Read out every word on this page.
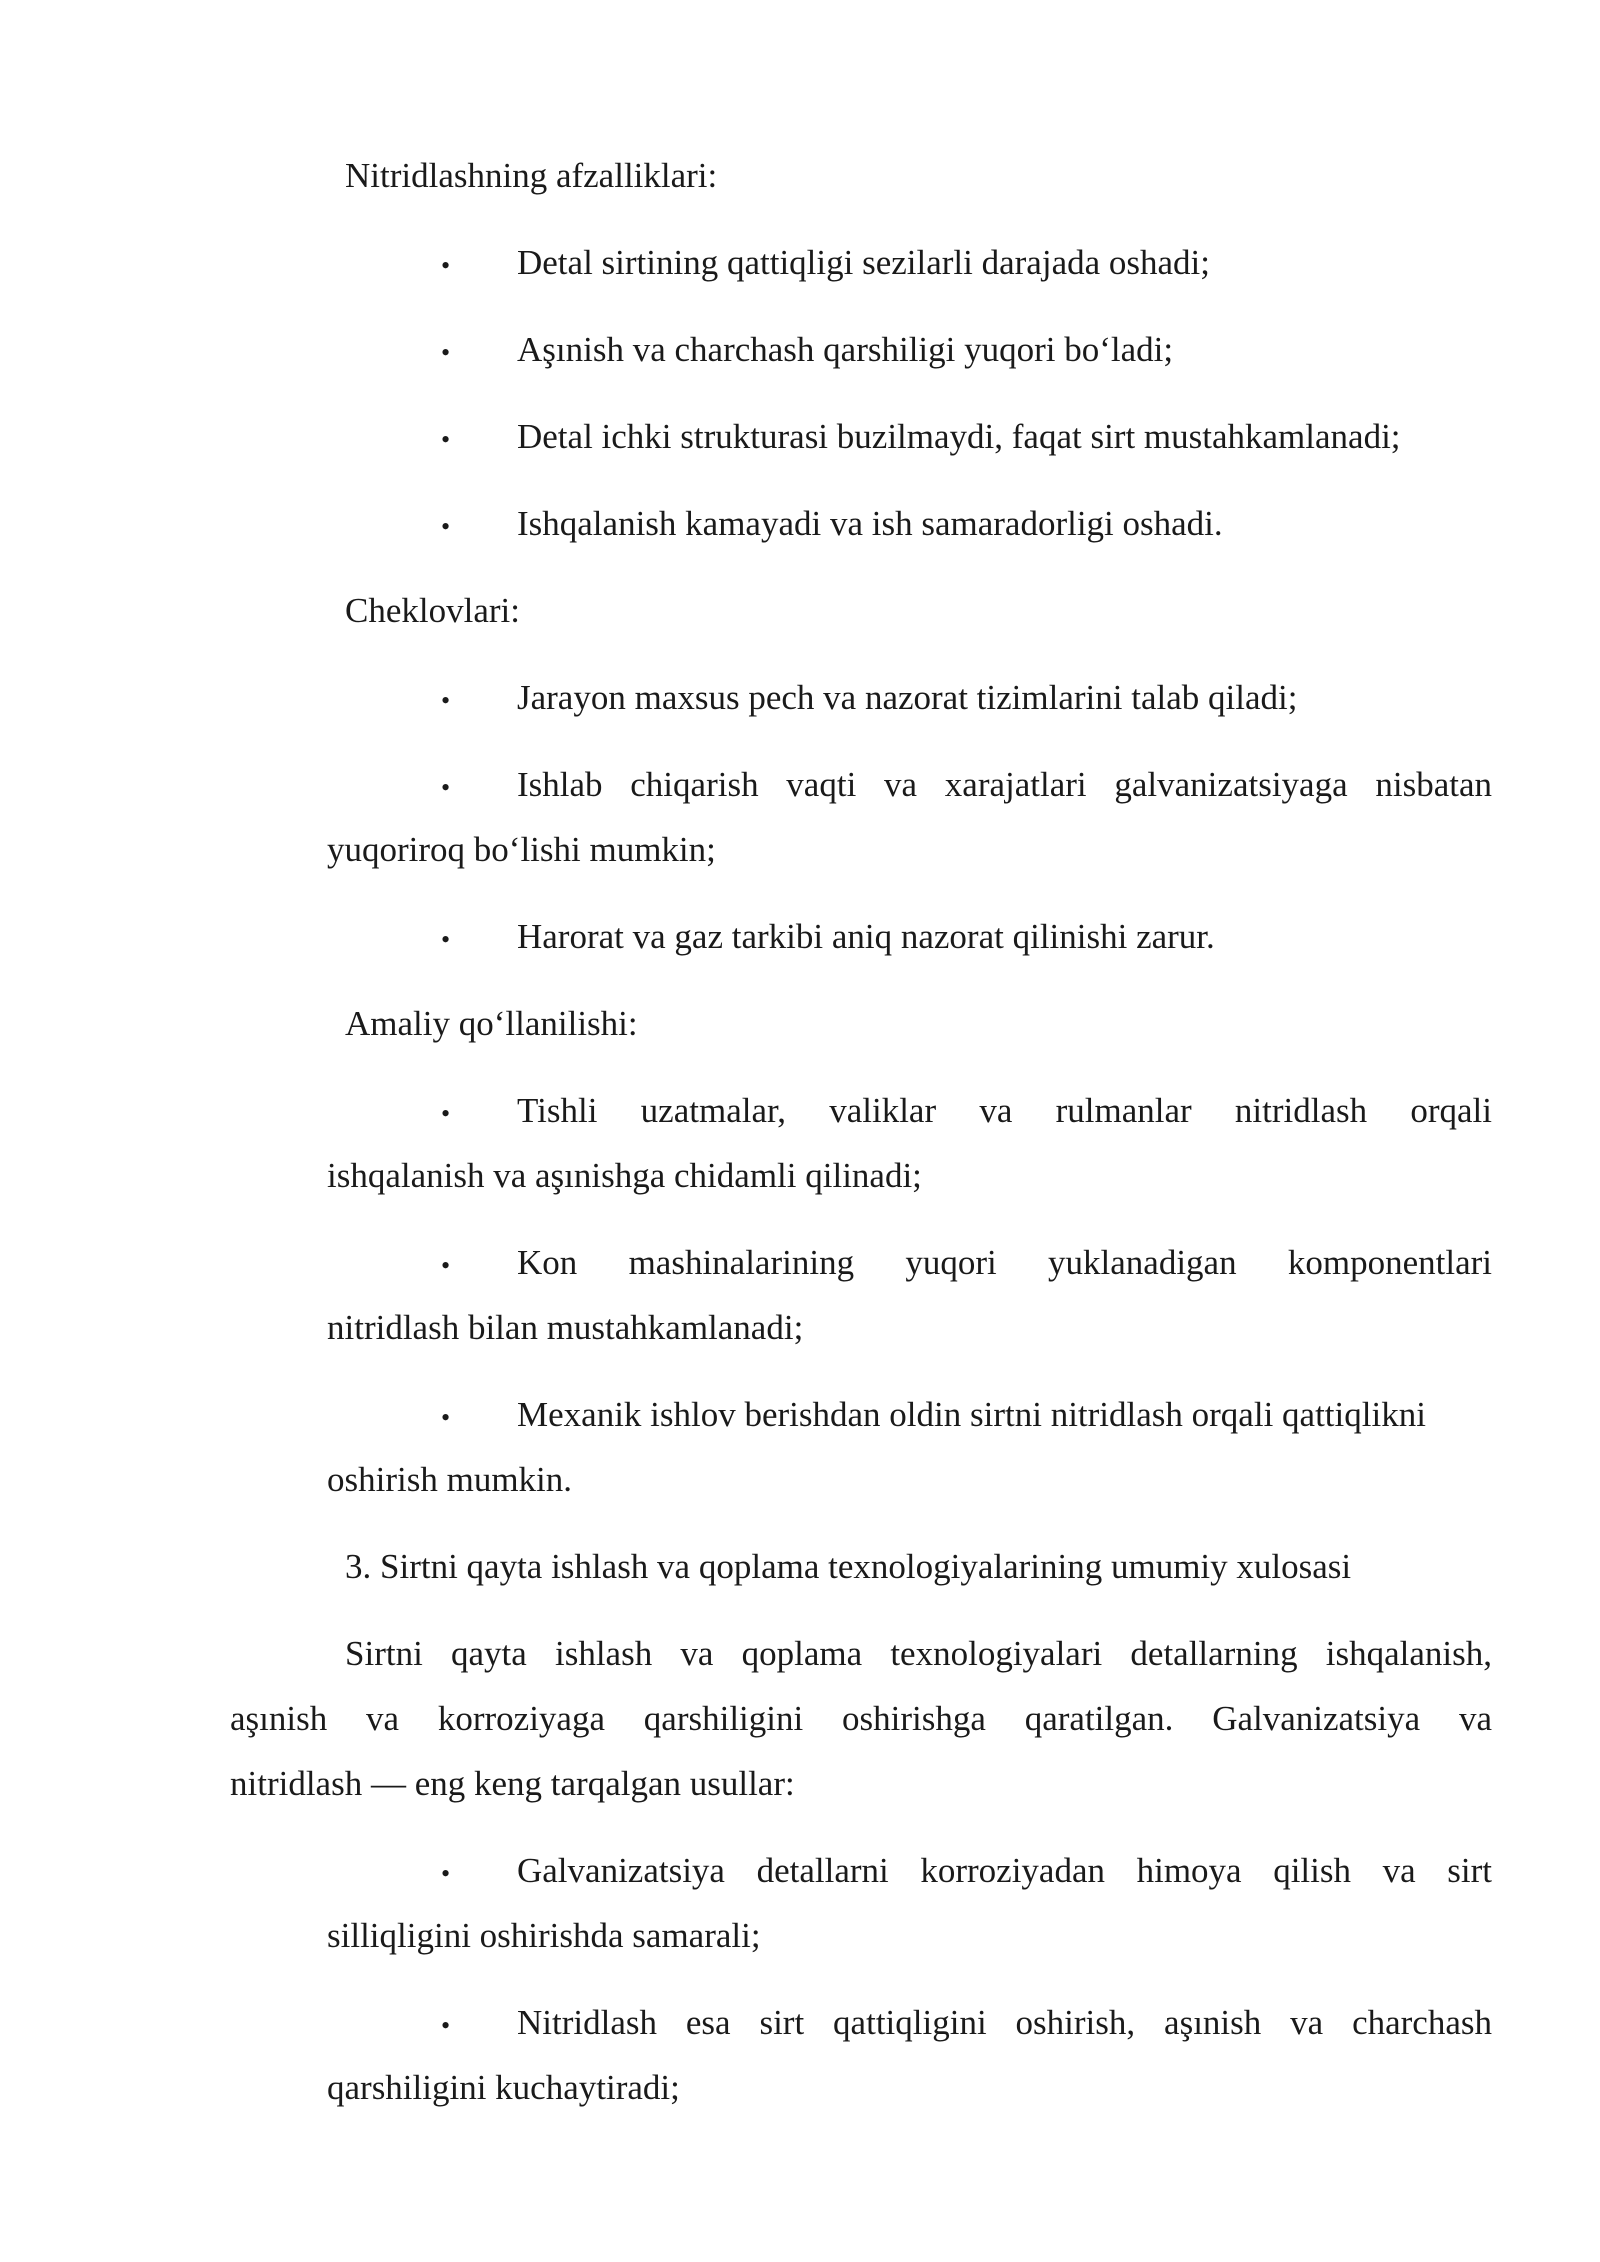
Nitridlashning afzalliklari:
• Detal sirtining qattiqligi sezilarli darajada oshadi;
• Aşınish va charchash qarshiligi yuqori bo‘ladi;
• Detal ichki strukturasi buzilmaydi, faqat sirt mustahkamlanadi;
• Ishqalanish kamayadi va ish samaradorligi oshadi.
Cheklovlari:
• Jarayon maxsus pech va nazorat tizimlarini talab qiladi;
• Ishlab chiqarish vaqti va xarajatlari galvanizatsiyaga nisbatan
yuqoriroq bo‘lishi mumkin;
• Harorat va gaz tarkibi aniq nazorat qilinishi zarur.
Amaliy qo‘llanilishi:
• Tishli uzatmalar, valiklar va rulmanlar nitridlash orqali
ishqalanish va aşınishga chidamli qilinadi;
• Kon mashinalarining yuqori yuklanadigan komponentlari
nitridlash bilan mustahkamlanadi;
• Mexanik ishlov berishdan oldin sirtni nitridlash orqali qattiqlikni
oshirish mumkin.
3. Sirtni qayta ishlash va qoplama texnologiyalarining umumiy xulosasi
Sirtni qayta ishlash va qoplama texnologiyalari detallarning ishqalanish,
aşınish va korroziyaga qarshiligini oshirishga qaratilgan. Galvanizatsiya va
nitridlash — eng keng tarqalgan usullar:
• Galvanizatsiya detallarni korroziyadan himoya qilish va sirt
silliqligini oshirishda samarali;
• Nitridlash esa sirt qattiqligini oshirish, aşınish va charchash
qarshiligini kuchaytiradi;
